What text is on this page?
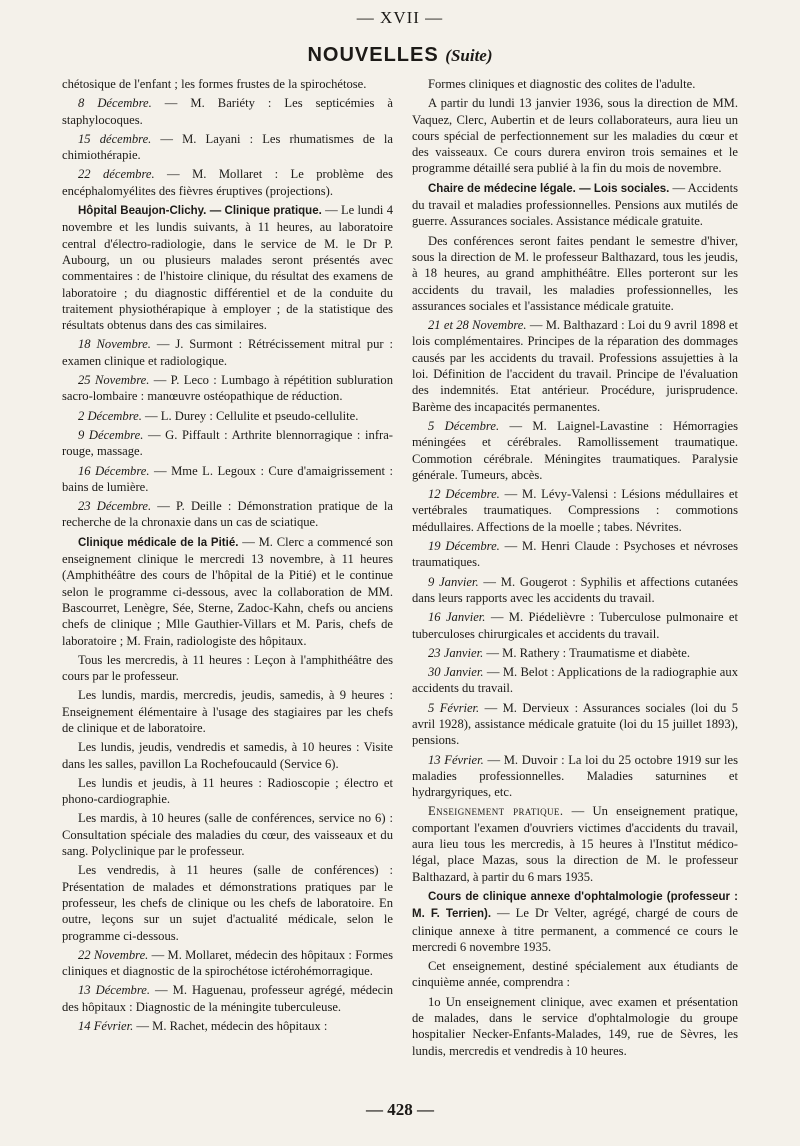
— XVII —
NOUVELLES (Suite)

chétosique de l'enfant ; les formes frustes de la spirochétose.

8 Décembre. — M. Bariéty : Les septicémies à staphylocoques.

15 décembre. — M. Layani : Les rhumatismes de la chimiothérapie.

22 décembre. — M. Mollaret : Le problème des encéphalomyélites des fièvres éruptives (projections).

Hôpital Beaujon-Clichy. — Clinique pratique. — Le lundi 4 novembre et les lundis suivants, à 11 heures, au laboratoire central d'électro-radiologie, dans le service de M. le Dr P. Aubourg, un ou plusieurs malades seront présentés avec commentaires : de l'histoire clinique, du résultat des examens de laboratoire ; du diagnostic différentiel et de la conduite du traitement physiothérapique à employer ; de la statistique des résultats obtenus dans des cas similaires.

18 Novembre. — J. Surmont : Rétrécissement mitral pur : examen clinique et radiologique.

25 Novembre. — P. Leco : Lumbago à répétition subluration sacro-lombaire : manœuvre ostéopathique de réduction.

2 Décembre. — L. Durey : Cellulite et pseudo-cellulite.

9 Décembre. — G. Piffault : Arthrite blennorragique : infra-rouge, massage.

16 Décembre. — Mme L. Legoux : Cure d'amaigrissement : bains de lumière.

23 Décembre. — P. Deille : Démonstration pratique de la recherche de la chronaxie dans un cas de sciatique.

Clinique médicale de la Pitié. — M. Clerc a commencé son enseignement clinique le mercredi 13 novembre, à 11 heures (Amphithéâtre des cours de l'hôpital de la Pitié) et le continue selon le programme ci-dessous, avec la collaboration de MM. Bascourret, Lenègre, Sée, Sterne, Zadoc-Kahn, chefs ou anciens chefs de clinique ; Mlle Gauthier-Villars et M. Paris, chefs de laboratoire ; M. Frain, radiologiste des hôpitaux.

Tous les mercredis, à 11 heures : Leçon à l'amphithéâtre des cours par le professeur.

Les lundis, mardis, mercredis, jeudis, samedis, à 9 heures : Enseignement élémentaire à l'usage des stagiaires par les chefs de clinique et de laboratoire.

Les lundis, jeudis, vendredis et samedis, à 10 heures : Visite dans les salles, pavillon La Rochefoucauld (Service 6).

Les lundis et jeudis, à 11 heures : Radioscopie ; électro et phono-cardiographie.

Les mardis, à 10 heures (salle de conférences, service no 6) : Consultation spéciale des maladies du cœur, des vaisseaux et du sang. Polyclinique par le professeur.

Les vendredis, à 11 heures (salle de conférences) : Présentation de malades et démonstrations pratiques par le professeur, les chefs de clinique ou les chefs de laboratoire. En outre, leçons sur un sujet d'actualité médicale, selon le programme ci-dessous.

22 Novembre. — M. Mollaret, médecin des hôpitaux : Formes cliniques et diagnostic de la spirochétose ictérohémorragique.

13 Décembre. — M. Haguenau, professeur agrégé, médecin des hôpitaux : Diagnostic de la méningite tuberculeuse.

14 Février. — M. Rachet, médecin des hôpitaux :

Formes cliniques et diagnostic des colites de l'adulte.

A partir du lundi 13 janvier 1936, sous la direction de MM. Vaquez, Clerc, Aubertin et de leurs collaborateurs, aura lieu un cours spécial de perfectionnement sur les maladies du cœur et des vaisseaux. Ce cours durera environ trois semaines et le programme détaillé sera publié à la fin du mois de novembre.

Chaire de médecine légale. — Lois sociales. — Accidents du travail et maladies professionnelles. Pensions aux mutilés de guerre. Assurances sociales. Assistance médicale gratuite.

Des conférences seront faites pendant le semestre d'hiver, sous la direction de M. le professeur Balthazard, tous les jeudis, à 18 heures, au grand amphithéâtre. Elles porteront sur les accidents du travail, les maladies professionnelles, les assurances sociales et l'assistance médicale gratuite.

21 et 28 Novembre. — M. Balthazard : Loi du 9 avril 1898 et lois complémentaires. Principes de la réparation des dommages causés par les accidents du travail. Professions assujetties à la loi. Définition de l'accident du travail. Principe de l'évaluation des indemnités. Etat antérieur. Procédure, jurisprudence. Barème des incapacités permanentes.

5 Décembre. — M. Laignel-Lavastine : Hémorragies méningées et cérébrales. Ramollissement traumatique. Commotion cérébrale. Méningites traumatiques. Paralysie générale. Tumeurs, abcès.

12 Décembre. — M. Lévy-Valensi : Lésions médullaires et vertébrales traumatiques. Compressions : commotions médullaires. Affections de la moelle ; tabes. Névrites.

19 Décembre. — M. Henri Claude : Psychoses et névroses traumatiques.

9 Janvier. — M. Gougerot : Syphilis et affections cutanées dans leurs rapports avec les accidents du travail.

16 Janvier. — M. Piédelièvre : Tuberculose pulmonaire et tuberculoses chirurgicales et accidents du travail.

23 Janvier. — M. Rathery : Traumatisme et diabète.

30 Janvier. — M. Belot : Applications de la radiographie aux accidents du travail.

5 Février. — M. Dervieux : Assurances sociales (loi du 5 avril 1928), assistance médicale gratuite (loi du 15 juillet 1893), pensions.

13 Février. — M. Duvoir : La loi du 25 octobre 1919 sur les maladies professionnelles. Maladies saturnines et hydrargyriques, etc.

Enseignement pratique. — Un enseignement pratique, comportant l'examen d'ouvriers victimes d'accidents du travail, aura lieu tous les mercredis, à 15 heures à l'Institut médico-légal, place Mazas, sous la direction de M. le professeur Balthazard, à partir du 6 mars 1935.

Cours de clinique annexe d'ophtalmologie (professeur : M. F. Terrien). — Le Dr Velter, agrégé, chargé de cours de clinique annexe à titre permanent, a commencé ce cours le mercredi 6 novembre 1935.

Cet enseignement, destiné spécialement aux étudiants de cinquième année, comprendra :

1o Un enseignement clinique, avec examen et présentation de malades, dans le service d'ophtalmologie du groupe hospitalier Necker-Enfants-Malades, 149, rue de Sèvres, les lundis, mercredis et vendredis à 10 heures.

— 428 —
